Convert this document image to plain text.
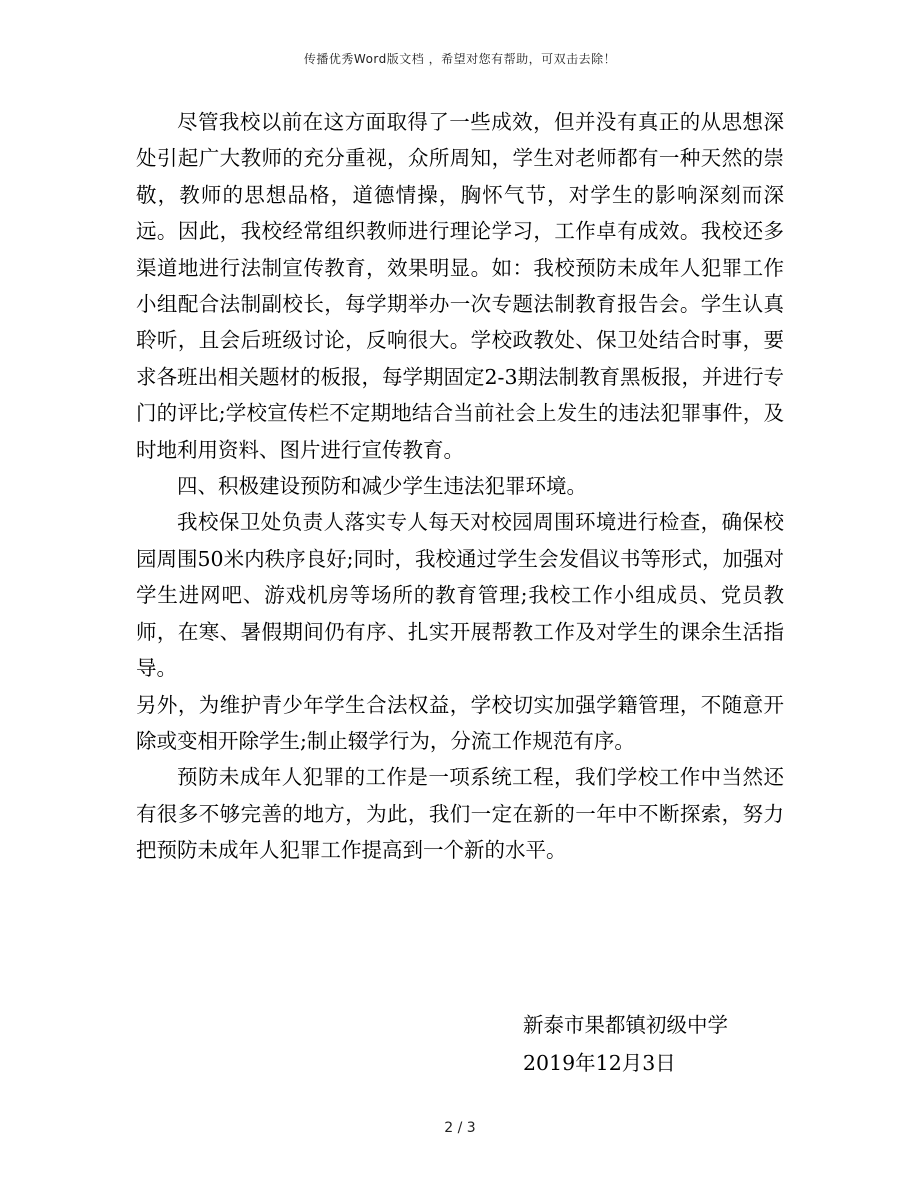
传播优秀Word版文档 ，希望对您有帮助，可双击去除！

尽管我校以前在这方面取得了一些成效，但并没有真正的从思想深处引起广大教师的充分重视，众所周知，学生对老师都有一种天然的崇敬，教师的思想品格，道德情操，胸怀气节，对学生的影响深刻而深远。因此，我校经常组织教师进行理论学习，工作卓有成效。我校还多渠道地进行法制宣传教育，效果明显。如：我校预防未成年人犯罪工作小组配合法制副校长，每学期举办一次专题法制教育报告会。学生认真聆听，且会后班级讨论，反响很大。学校政教处、保卫处结合时事，要求各班出相关题材的板报，每学期固定2-3期法制教育黑板报，并进行专门的评比;学校宣传栏不定期地结合当前社会上发生的违法犯罪事件，及时地利用资料、图片进行宣传教育。

四、积极建设预防和减少学生违法犯罪环境。

我校保卫处负责人落实专人每天对校园周围环境进行检查，确保校园周围50米内秩序良好;同时，我校通过学生会发倡议书等形式，加强对学生进网吧、游戏机房等场所的教育管理;我校工作小组成员、党员教师，在寒、暑假期间仍有序、扎实开展帮教工作及对学生的课余生活指导。

另外，为维护青少年学生合法权益，学校切实加强学籍管理，不随意开除或变相开除学生;制止辍学行为，分流工作规范有序。

预防未成年人犯罪的工作是一项系统工程，我们学校工作中当然还有很多不够完善的地方，为此，我们一定在新的一年中不断探索，努力把预防未成年人犯罪工作提高到一个新的水平。

新泰市果都镇初级中学
2019年12月3日
2 / 3
